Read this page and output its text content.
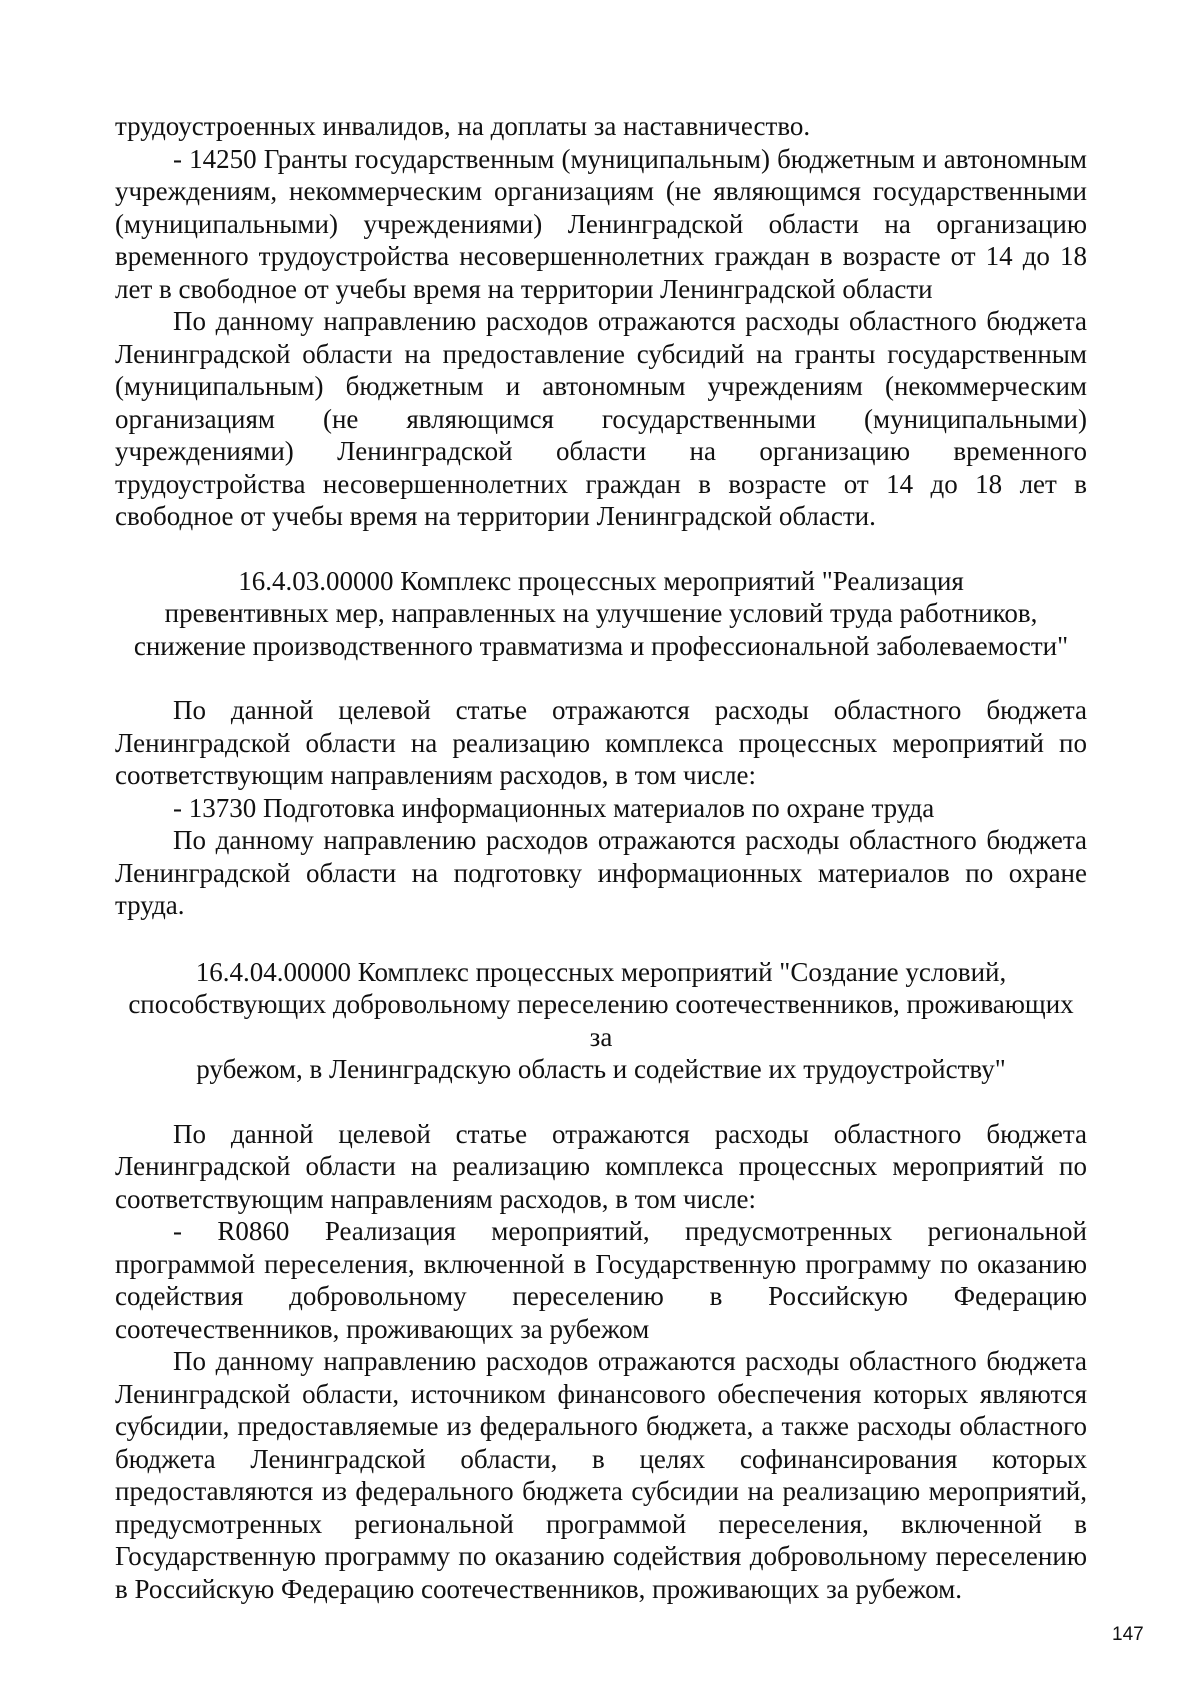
трудоустроенных инвалидов, на доплаты за наставничество.

- 14250 Гранты государственным (муниципальным) бюджетным и автономным учреждениям, некоммерческим организациям (не являющимся государственными (муниципальными) учреждениями) Ленинградской области на организацию временного трудоустройства несовершеннолетних граждан в возрасте от 14 до 18 лет в свободное от учебы время на территории Ленинградской области

По данному направлению расходов отражаются расходы областного бюджета Ленинградской области на предоставление субсидий на гранты государственным (муниципальным) бюджетным и автономным учреждениям (некоммерческим организациям (не являющимся государственными (муниципальными) учреждениями) Ленинградской области на организацию временного трудоустройства несовершеннолетних граждан в возрасте от 14 до 18 лет в свободное от учебы время на территории Ленинградской области.

16.4.03.00000 Комплекс процессных мероприятий "Реализация
превентивных мер, направленных на улучшение условий труда работников,
снижение производственного травматизма и профессиональной заболеваемости"

По данной целевой статье отражаются расходы областного бюджета Ленинградской области на реализацию комплекса процессных мероприятий по соответствующим направлениям расходов, в том числе:

- 13730 Подготовка информационных материалов по охране труда

По данному направлению расходов отражаются расходы областного бюджета Ленинградской области на подготовку информационных материалов по охране труда.

16.4.04.00000 Комплекс процессных мероприятий "Создание условий,
способствующих добровольному переселению соотечественников, проживающих за
рубежом, в Ленинградскую область и содействие их трудоустройству"

По данной целевой статье отражаются расходы областного бюджета Ленинградской области на реализацию комплекса процессных мероприятий по соответствующим направлениям расходов, в том числе:

- R0860 Реализация мероприятий, предусмотренных региональной программой переселения, включенной в Государственную программу по оказанию содействия добровольному переселению в Российскую Федерацию соотечественников, проживающих за рубежом

По данному направлению расходов отражаются расходы областного бюджета Ленинградской области, источником финансового обеспечения которых являются субсидии, предоставляемые из федерального бюджета, а также расходы областного бюджета Ленинградской области, в целях софинансирования которых предоставляются из федерального бюджета субсидии на реализацию мероприятий, предусмотренных региональной программой переселения, включенной в Государственную программу по оказанию содействия добровольному переселению в Российскую Федерацию соотечественников, проживающих за рубежом.

147
